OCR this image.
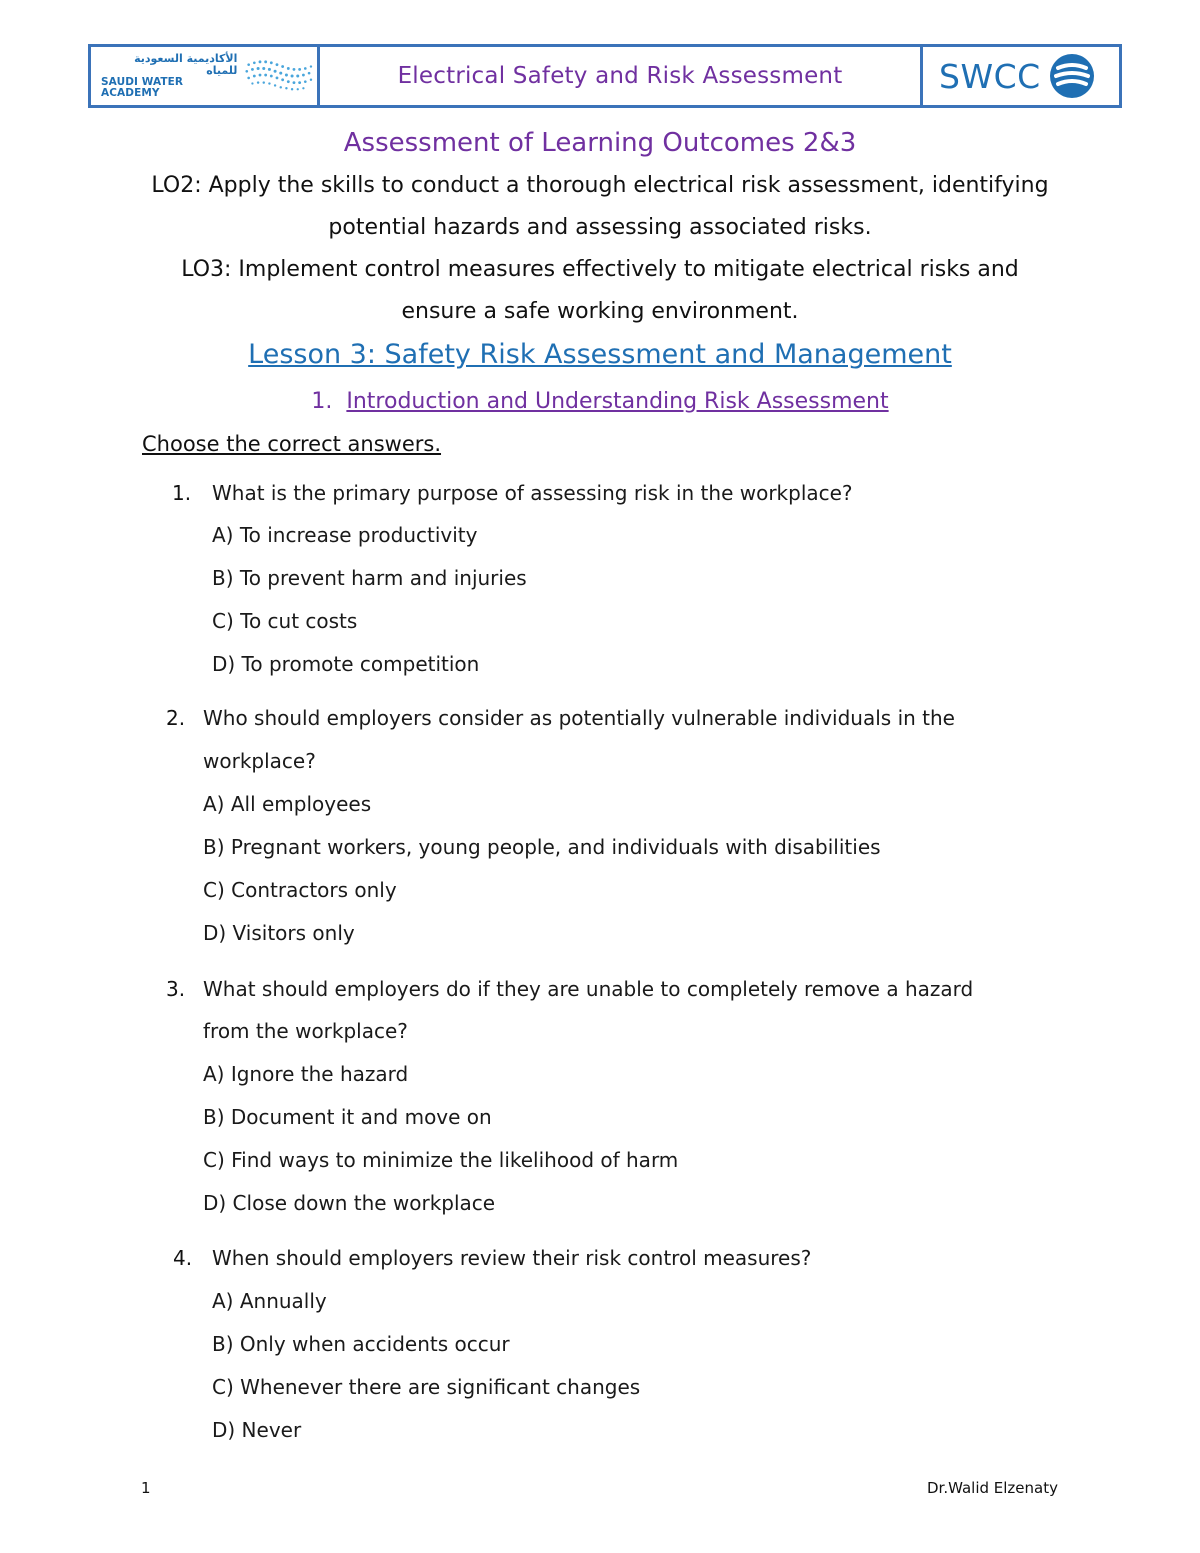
الأكاديمية السعودية للمياه
SAUDI WATER ACADEMY
Electrical Safety and Risk Assessment	SWCC
Assessment of Learning Outcomes 2&3
LO2: Apply the skills to conduct a thorough electrical risk assessment, identifying
potential hazards and assessing associated risks.
LO3: Implement control measures effectively to mitigate electrical risks and
ensure a safe working environment.
Lesson 3: Safety Risk Assessment and Management
1. Introduction and Understanding Risk Assessment
Choose the correct answers.
1. What is the primary purpose of assessing risk in the workplace?
A) To increase productivity
B) To prevent harm and injuries
C) To cut costs
D) To promote competition
2. Who should employers consider as potentially vulnerable individuals in the
workplace?
A) All employees
B) Pregnant workers, young people, and individuals with disabilities
C) Contractors only
D) Visitors only
3. What should employers do if they are unable to completely remove a hazard
from the workplace?
A) Ignore the hazard
B) Document it and move on
C) Find ways to minimize the likelihood of harm
D) Close down the workplace
4. When should employers review their risk control measures?
A) Annually
B) Only when accidents occur
C) Whenever there are significant changes
D) Never
1	Dr.Walid Elzenaty
